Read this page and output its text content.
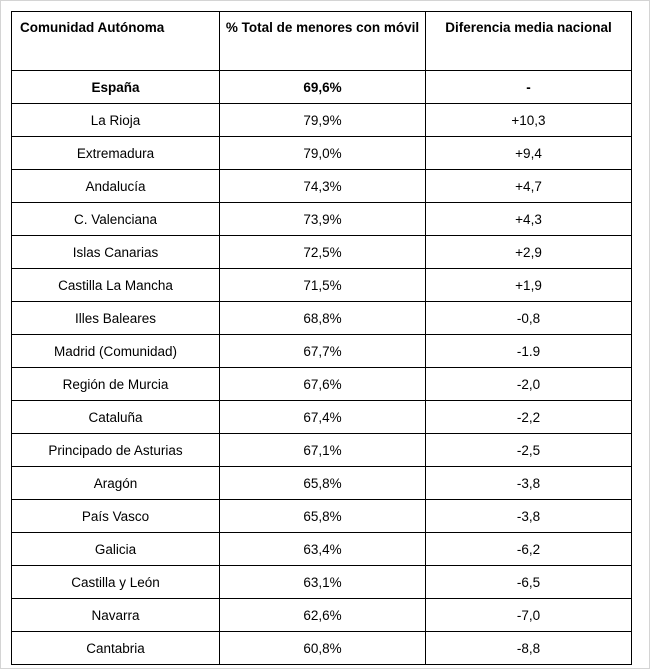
Comunidad Autónoma	% Total de menores con móvil	Diferencia media nacional
España	69,6%	-
La Rioja	79,9%	+10,3
Extremadura	79,0%	+9,4
Andalucía	74,3%	+4,7
C. Valenciana	73,9%	+4,3
Islas Canarias	72,5%	+2,9
Castilla La Mancha	71,5%	+1,9
Illes Baleares	68,8%	-0,8
Madrid (Comunidad)	67,7%	-1.9
Región de Murcia	67,6%	-2,0
Cataluña	67,4%	-2,2
Principado de Asturias	67,1%	-2,5
Aragón	65,8%	-3,8
País Vasco	65,8%	-3,8
Galicia	63,4%	-6,2
Castilla y León	63,1%	-6,5
Navarra	62,6%	-7,0
Cantabria	60,8%	-8,8
